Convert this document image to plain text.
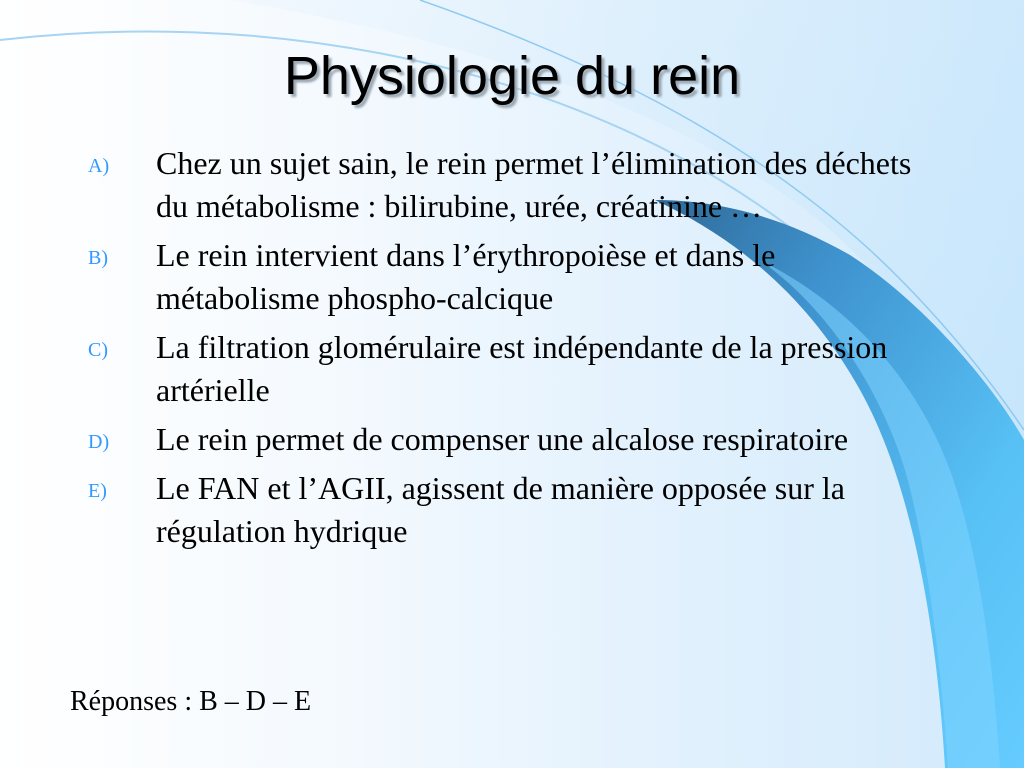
Physiologie du rein
A) Chez un sujet sain, le rein permet l’élimination des déchets du métabolisme : bilirubine, urée, créatinine …
B) Le rein intervient dans l’érythropoièse et dans le métabolisme phospho-calcique
C) La filtration glomérulaire est indépendante de la pression artérielle
D) Le rein permet de compenser une alcalose respiratoire
E) Le FAN et l’AGII, agissent de manière opposée sur la régulation hydrique
Réponses : B – D – E
